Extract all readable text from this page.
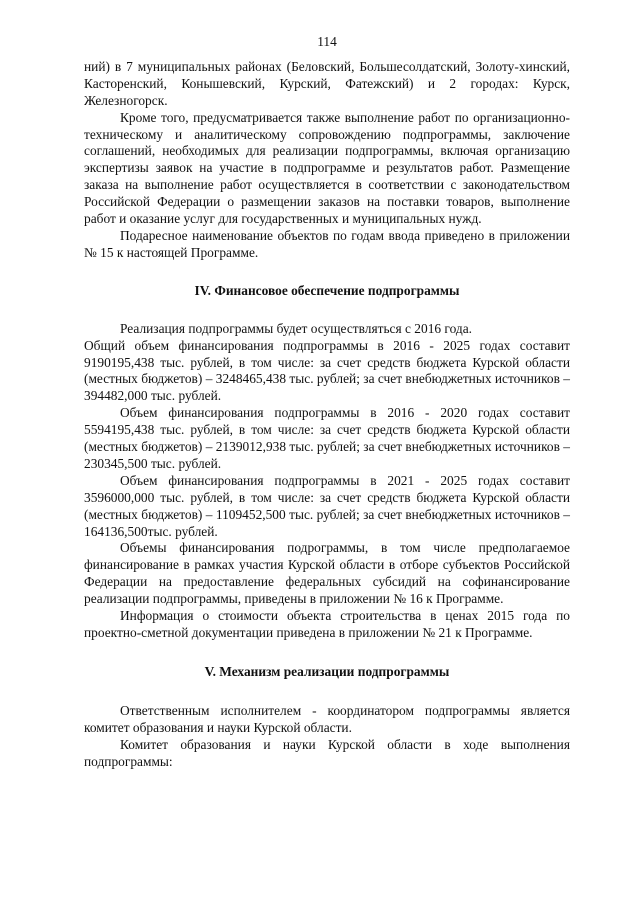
114

ний) в 7 муниципальных районах (Беловский, Большесолдатский, Золоту-хинский, Касторенский, Конышевский, Курский, Фатежский) и 2 городах: Курск, Железногорск.

Кроме того, предусматривается также выполнение работ по организационно-техническому и аналитическому сопровождению подпрограммы, заключение соглашений, необходимых для реализации подпрограммы, включая организацию экспертизы заявок на участие в подпрограмме и результатов работ. Размещение заказа на выполнение работ осуществляется в соответствии с законодательством Российской Федерации о размещении заказов на поставки товаров, выполнение работ и оказание услуг для государственных и муниципальных нужд.

Подаресное наименование объектов по годам ввода приведено в приложении № 15 к настоящей Программе.

IV. Финансовое обеспечение подпрограммы

Реализация подпрограммы будет осуществляться с 2016 года.

Общий объем финансирования подпрограммы в 2016 - 2025 годах составит 9190195,438 тыс. рублей, в том числе: за счет средств бюджета Курской области (местных бюджетов) – 3248465,438 тыс. рублей; за счет внебюджетных источников – 394482,000 тыс. рублей.

Объем финансирования подпрограммы в 2016 - 2020 годах составит 5594195,438 тыс. рублей, в том числе: за счет средств бюджета Курской области (местных бюджетов) – 2139012,938 тыс. рублей; за счет внебюджетных источников – 230345,500 тыс. рублей.

Объем финансирования подпрограммы в 2021 - 2025 годах составит 3596000,000 тыс. рублей, в том числе: за счет средств бюджета Курской области (местных бюджетов) – 1109452,500 тыс. рублей; за счет внебюджетных источников – 164136,500тыс. рублей.

Объемы финансирования подрограммы, в том числе предполагаемое финансирование в рамках участия Курской области в отборе субъектов Российской Федерации на предоставление федеральных субсидий на софинансирование реализации подпрограммы, приведены в приложении № 16 к Программе.

Информация о стоимости объекта строительства в ценах 2015 года по проектно-сметной документации приведена в приложении № 21 к Программе.

V. Механизм реализации подпрограммы

Ответственным исполнителем - координатором подпрограммы является комитет образования и науки Курской области.

Комитет образования и науки Курской области в ходе выполнения подпрограммы:
